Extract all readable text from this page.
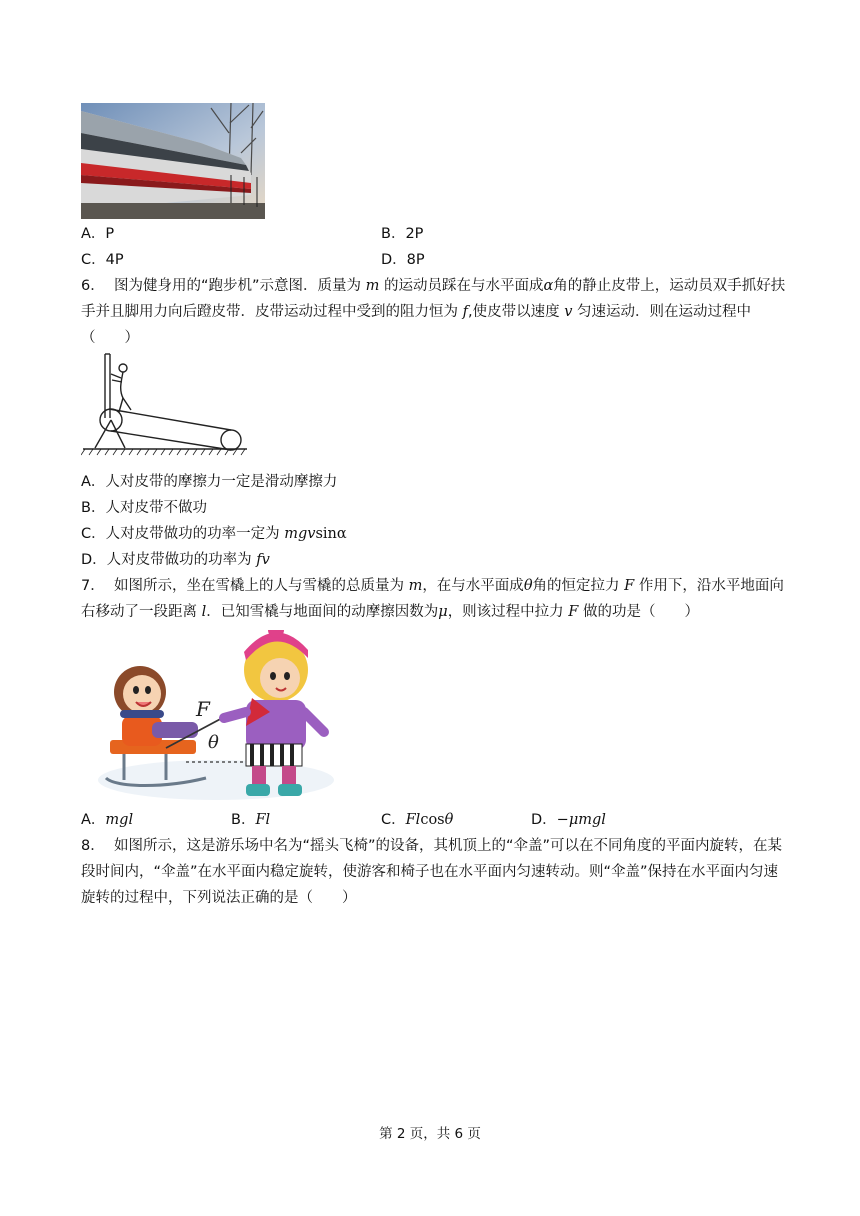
A．P	B．2P
C．4P	D．8P
6． 图为健身用的“跑步机”示意图．质量为 m 的运动员踩在与水平面成α角的静止皮带上，运动员双手抓好扶
手并且脚用力向后蹬皮带．皮带运动过程中受到的阻力恒为 f,使皮带以速度 v 匀速运动．则在运动过程中
（　　）
A．人对皮带的摩擦力一定是滑动摩擦力
B．人对皮带不做功
C．人对皮带做功的功率一定为 mgvsinα
D．人对皮带做功的功率为 fv
7． 如图所示，坐在雪橇上的人与雪橇的总质量为 m，在与水平面成θ角的恒定拉力 F 作用下，沿水平地面向
右移动了一段距离 l．已知雪橇与地面间的动摩擦因数为μ，则该过程中拉力 F 做的功是（　　）
F
θ
A．mgl	B．Fl	C．Flcosθ	D．−μmgl
8． 如图所示，这是游乐场中名为“摇头飞椅”的设备，其机顶上的“伞盖”可以在不同角度的平面内旋转，在某
段时间内，“伞盖”在水平面内稳定旋转，使游客和椅子也在水平面内匀速转动。则“伞盖”保持在水平面内匀速
旋转的过程中，下列说法正确的是（　　）
第 2 页，共 6 页
